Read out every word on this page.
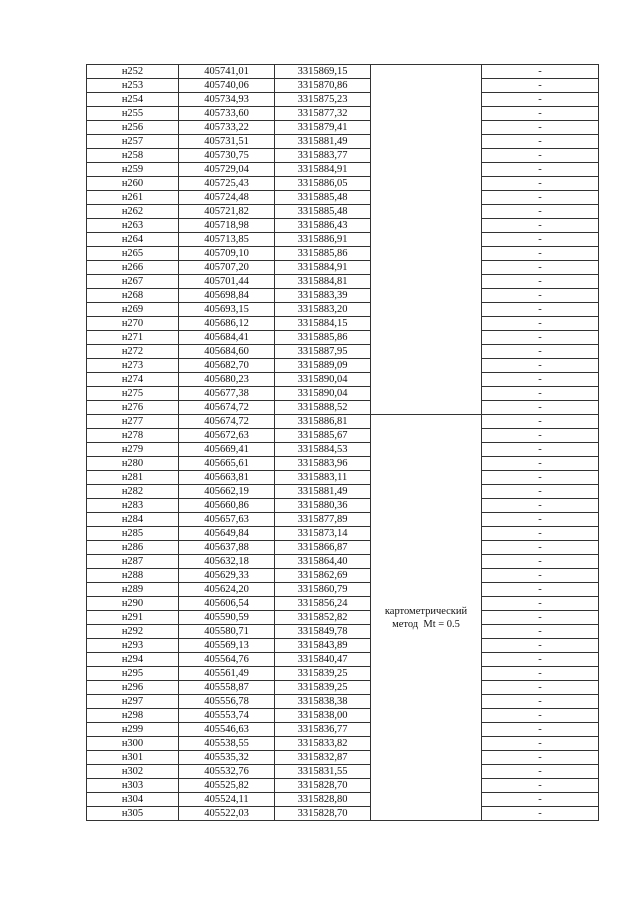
н252	405741,01	3315869,15		-
н253	405740,06	3315870,86		-
н254	405734,93	3315875,23		-
н255	405733,60	3315877,32		-
н256	405733,22	3315879,41		-
н257	405731,51	3315881,49		-
н258	405730,75	3315883,77		-
н259	405729,04	3315884,91		-
н260	405725,43	3315886,05		-
н261	405724,48	3315885,48		-
н262	405721,82	3315885,48		-
н263	405718,98	3315886,43		-
н264	405713,85	3315886,91		-
н265	405709,10	3315885,86		-
н266	405707,20	3315884,91		-
н267	405701,44	3315884,81		-
н268	405698,84	3315883,39		-
н269	405693,15	3315883,20		-
н270	405686,12	3315884,15		-
н271	405684,41	3315885,86		-
н272	405684,60	3315887,95		-
н273	405682,70	3315889,09		-
н274	405680,23	3315890,04		-
н275	405677,38	3315890,04		-
н276	405674,72	3315888,52		-
н277	405674,72	3315886,81	картометрический
метод  Mt = 0.5	-
н278	405672,63	3315885,67		-
н279	405669,41	3315884,53		-
н280	405665,61	3315883,96		-
н281	405663,81	3315883,11		-
н282	405662,19	3315881,49		-
н283	405660,86	3315880,36		-
н284	405657,63	3315877,89		-
н285	405649,84	3315873,14		-
н286	405637,88	3315866,87		-
н287	405632,18	3315864,40		-
н288	405629,33	3315862,69		-
н289	405624,20	3315860,79		-
н290	405606,54	3315856,24		-
н291	405590,59	3315852,82		-
н292	405580,71	3315849,78		-
н293	405569,13	3315843,89		-
н294	405564,76	3315840,47		-
н295	405561,49	3315839,25		-
н296	405558,87	3315839,25		-
н297	405556,78	3315838,38		-
н298	405553,74	3315838,00		-
н299	405546,63	3315836,77		-
н300	405538,55	3315833,82		-
н301	405535,32	3315832,87		-
н302	405532,76	3315831,55		-
н303	405525,82	3315828,70		-
н304	405524,11	3315828,80		-
н305	405522,03	3315828,70		-
